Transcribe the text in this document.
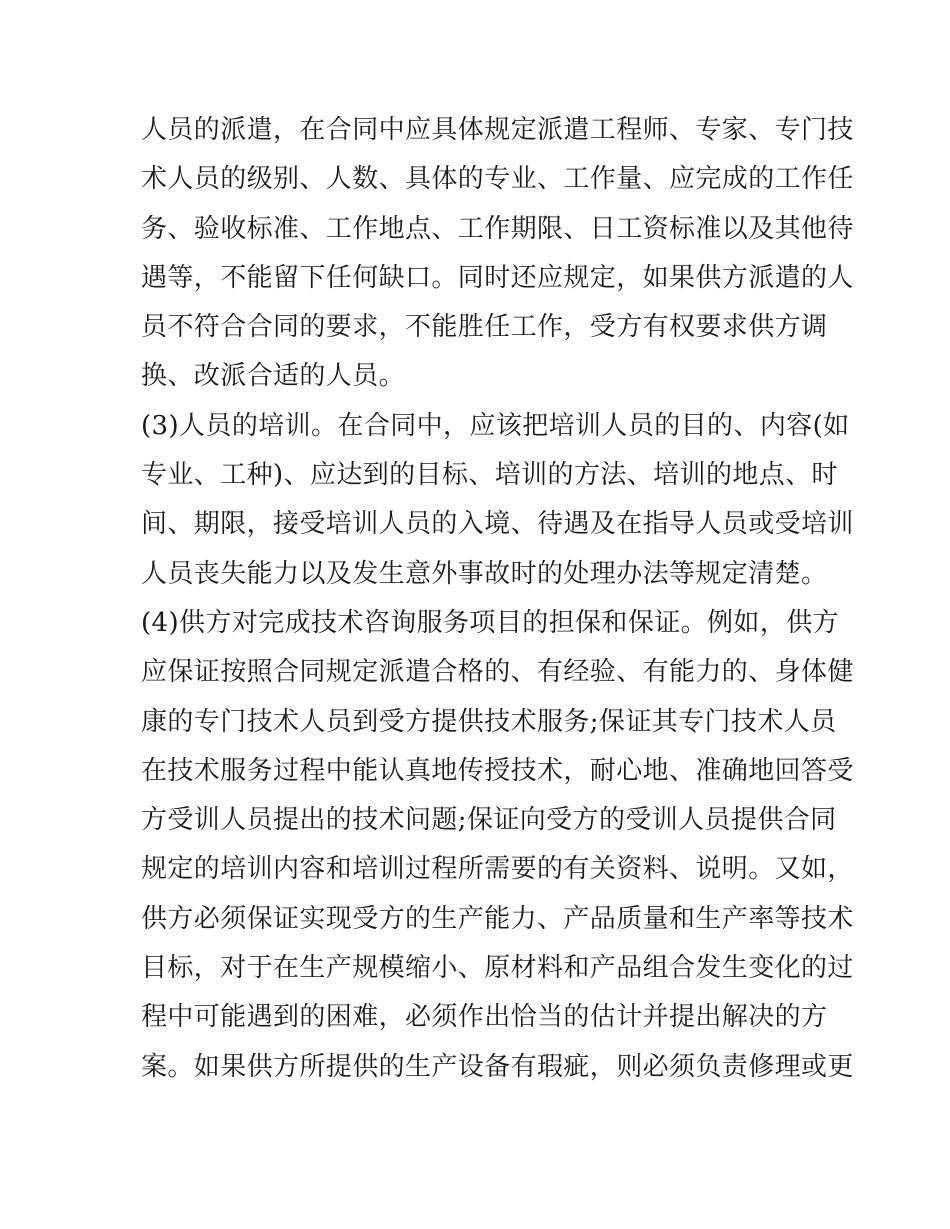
人员的派遣，在合同中应具体规定派遣工程师、专家、专门技
术人员的级别、人数、具体的专业、工作量、应完成的工作任
务、验收标准、工作地点、工作期限、日工资标准以及其他待
遇等，不能留下任何缺口。同时还应规定，如果供方派遣的人
员不符合合同的要求，不能胜任工作，受方有权要求供方调
换、改派合适的人员。
(3)人员的培训。在合同中，应该把培训人员的目的、内容(如
专业、工种)、应达到的目标、培训的方法、培训的地点、时
间、期限，接受培训人员的入境、待遇及在指导人员或受培训
人员丧失能力以及发生意外事故时的处理办法等规定清楚。
(4)供方对完成技术咨询服务项目的担保和保证。例如，供方
应保证按照合同规定派遣合格的、有经验、有能力的、身体健
康的专门技术人员到受方提供技术服务;保证其专门技术人员
在技术服务过程中能认真地传授技术，耐心地、准确地回答受
方受训人员提出的技术问题;保证向受方的受训人员提供合同
规定的培训内容和培训过程所需要的有关资料、说明。又如，
供方必须保证实现受方的生产能力、产品质量和生产率等技术
目标，对于在生产规模缩小、原材料和产品组合发生变化的过
程中可能遇到的困难，必须作出恰当的估计并提出解决的方
案。如果供方所提供的生产设备有瑕疵，则必须负责修理或更
